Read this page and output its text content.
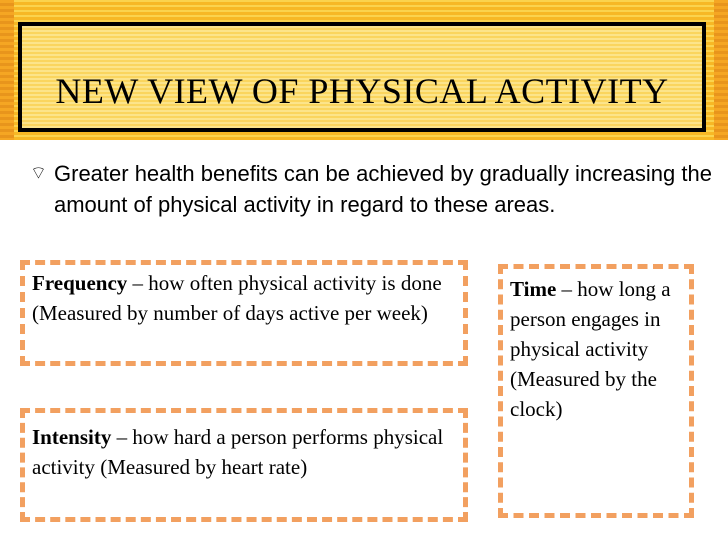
NEW VIEW OF PHYSICAL ACTIVITY
⌔ Greater health benefits can be achieved by gradually increasing the amount of physical activity in regard to these areas.
Frequency – how often physical activity is done (Measured by number of days active per week)
Intensity – how hard a person performs physical activity (Measured by heart rate)
Time – how long a person engages in physical activity (Measured by the clock)
